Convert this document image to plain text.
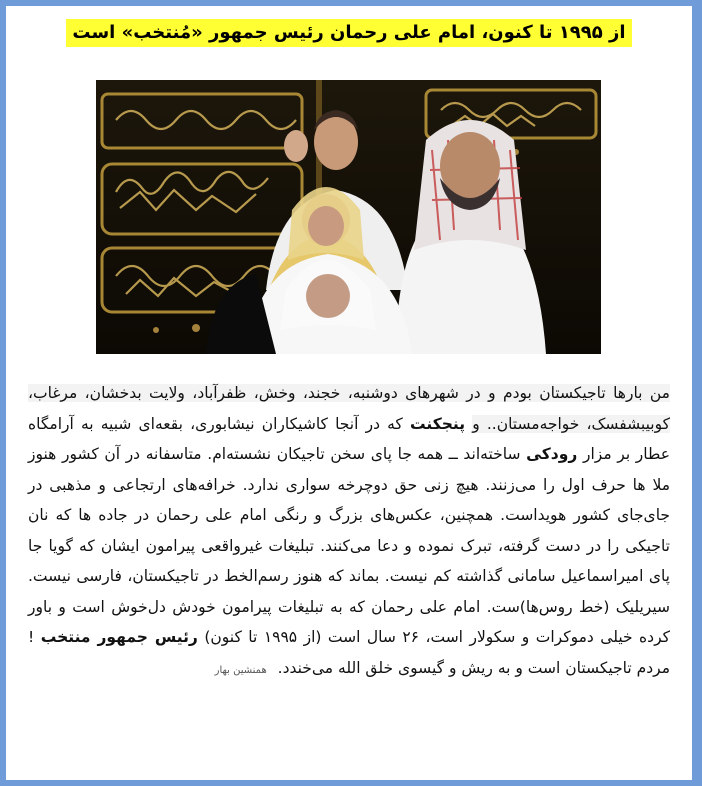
از ۱۹۹۵ تا کنون، امام علی رحمان رئیس جمهور «مُنتخب» است
من بارها تاجیکستان بودم و در شهرهای دوشنبه، خجند، وخش، ظفرآباد، ولایت بدخشان، مرغاب، کوبیبشفسک، خواجه‌مستان.. و پنجکنت که در آنجا کاشیکاران نیشابوری، بقعه‌ای شبیه به آرامگاه عطار بر مزار رودکی ساخته‌اند ــ همه جا پای سخن تاجیکان نشسته‌ام. متاسفانه در آن کشور هنوز ملا ها حرف اول را می‌زنند. هیچ زنی حق دوچرخه سواری ندارد. خرافه‌های ارتجاعی و مذهبی در جای‌جای کشور هویداست. همچنین، عکس‌های بزرگ و رنگی امام علی رحمان در جاده ها که نان تاجیکی را در دست گرفته، تبرک نموده و دعا می‌کنند. تبلیغات غیرواقعی پیرامون ایشان که گویا جا پای امیراسماعیل سامانی گذاشته کم نیست. بماند که هنوز رسم‌الخط در تاجیکستان، فارسی نیست. سیریلیک (خط روس‌ها)ست. امام علی رحمان که به تبلیغات پیرامون خودش دل‌خوش است و باور کرده خیلی دموکرات و سکولار است، ۲۶ سال است (از ۱۹۹۵ تا کنون) رئیس جمهور منتخب ! مردم تاجیکستان است و به ریش و گیسوی خلق الله می‌خندد. همنشین بهار
